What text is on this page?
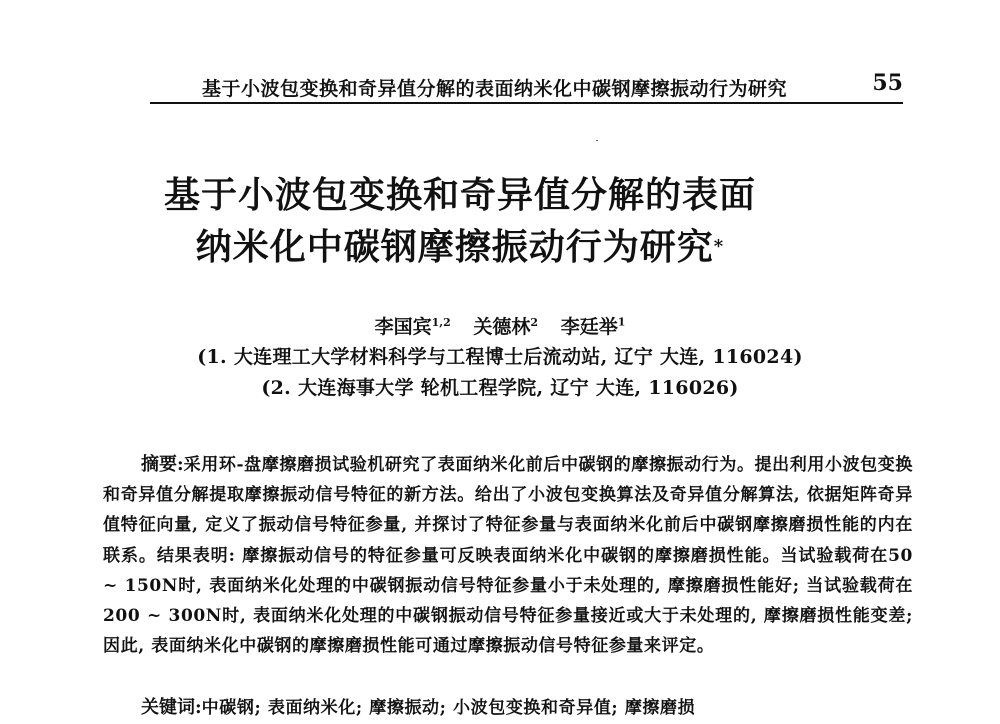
基于小波包变换和奇异值分解的表面纳米化中碳钢摩擦振动行为研究	55
基于小波包变换和奇异值分解的表面
纳米化中碳钢摩擦振动行为研究*
李国宾$^{1,2}$ 关德林$^2$ 李廷举$^1$
(1. 大连理工大学材料科学与工程博士后流动站, 辽宁 大连, 116024)
(2. 大连海事大学 轮机工程学院, 辽宁 大连, 116026)
摘要:采用环-盘摩擦磨损试验机研究了表面纳米化前后中碳钢的摩擦振动行为。提出利用小波包变换和奇异值分解提取摩擦振动信号特征的新方法。给出了小波包变换算法及奇异值分解算法, 依据矩阵奇异值特征向量, 定义了振动信号特征参量, 并探讨了特征参量与表面纳米化前后中碳钢摩擦磨损性能的内在联系。结果表明: 摩擦振动信号的特征参量可反映表面纳米化中碳钢的摩擦磨损性能。当试验载荷在50 ~ 150N时, 表面纳米化处理的中碳钢振动信号特征参量小于未处理的, 摩擦磨损性能好; 当试验载荷在200 ~ 300N时, 表面纳米化处理的中碳钢振动信号特征参量接近或大于未处理的, 摩擦磨损性能变差; 因此, 表面纳米化中碳钢的摩擦磨损性能可通过摩擦振动信号特征参量来评定。
关键词:中碳钢; 表面纳米化; 摩擦振动; 小波包变换和奇异值; 摩擦磨损
